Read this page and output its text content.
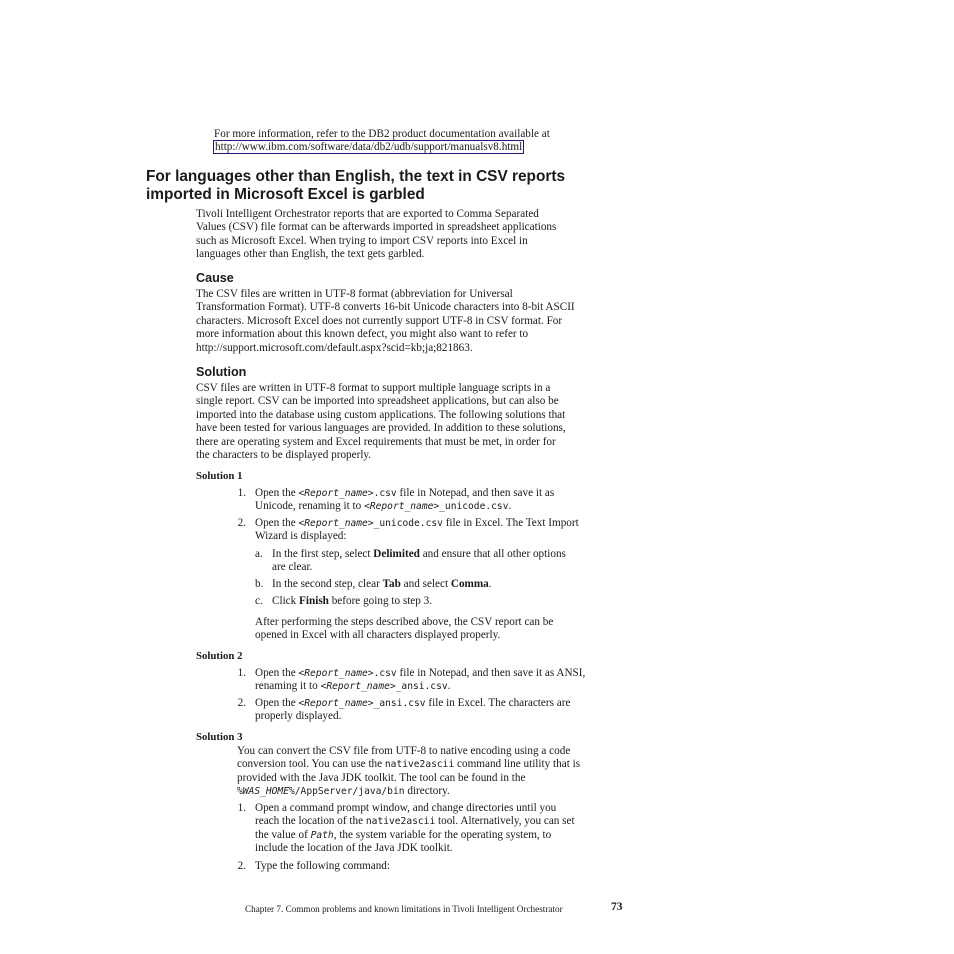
For more information, refer to the DB2 product documentation available at
http://www.ibm.com/software/data/db2/udb/support/manualsv8.html
For languages other than English, the text in CSV reports
imported in Microsoft Excel is garbled
Tivoli Intelligent Orchestrator reports that are exported to Comma Separated
Values (CSV) file format can be afterwards imported in spreadsheet applications
such as Microsoft Excel. When trying to import CSV reports into Excel in
languages other than English, the text gets garbled.
Cause
The CSV files are written in UTF-8 format (abbreviation for Universal
Transformation Format). UTF-8 converts 16-bit Unicode characters into 8-bit ASCII
characters. Microsoft Excel does not currently support UTF-8 in CSV format. For
more information about this known defect, you might also want to refer to
http://support.microsoft.com/default.aspx?scid=kb;ja;821863.
Solution
CSV files are written in UTF-8 format to support multiple language scripts in a
single report. CSV can be imported into spreadsheet applications, but can also be
imported into the database using custom applications. The following solutions that
have been tested for various languages are provided. In addition to these solutions,
there are operating system and Excel requirements that must be met, in order for
the characters to be displayed properly.
Solution 1
1. Open the <Report_name>.csv file in Notepad, and then save it as
Unicode, renaming it to <Report_name>_unicode.csv.
2. Open the <Report_name>_unicode.csv file in Excel. The Text Import
Wizard is displayed:
a. In the first step, select Delimited and ensure that all other options
are clear.
b. In the second step, clear Tab and select Comma.
c. Click Finish before going to step 3.
After performing the steps described above, the CSV report can be
opened in Excel with all characters displayed properly.
Solution 2
1. Open the <Report_name>.csv file in Notepad, and then save it as ANSI,
renaming it to <Report_name>_ansi.csv.
2. Open the <Report_name>_ansi.csv file in Excel. The characters are
properly displayed.
Solution 3
You can convert the CSV file from UTF-8 to native encoding using a code
conversion tool. You can use the native2ascii command line utility that is
provided with the Java JDK toolkit. The tool can be found in the
%WAS_HOME%/AppServer/java/bin directory.
1. Open a command prompt window, and change directories until you
reach the location of the native2ascii tool. Alternatively, you can set
the value of Path, the system variable for the operating system, to
include the location of the Java JDK toolkit.
2. Type the following command:
Chapter 7. Common problems and known limitations in Tivoli Intelligent Orchestrator	73
